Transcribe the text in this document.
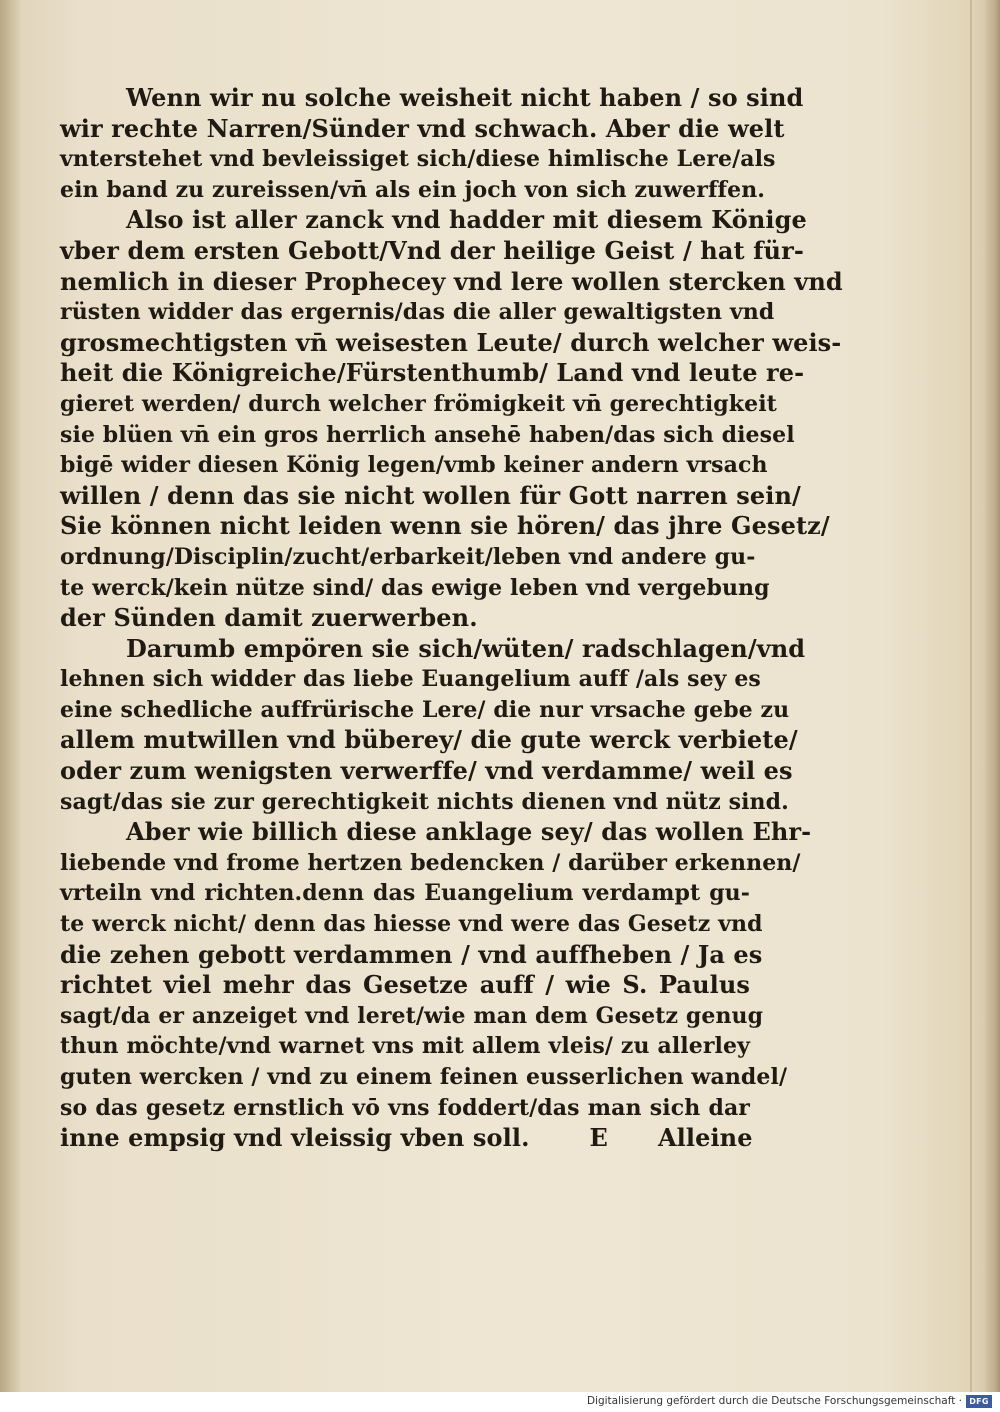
Wenn wir nu solche weisheit nicht haben / so sind
wir rechte Narren/Sünder vnd schwach. Aber die welt
vnterstehet vnd bevleissiget sich/diese himlische Lere/als
ein band zu zureissen/vn̄ als ein joch von sich zuwerffen.
Also ist aller zanck vnd hadder mit diesem Könige
vber dem ersten Gebott/Vnd der heilige Geist / hat für-
nemlich in dieser Prophecey vnd lere wollen stercken vnd
rüsten widder das ergernis/das die aller gewaltigsten vnd
grosmechtigsten vn̄ weisesten Leute/ durch welcher weis-
heit die Königreiche/Fürstenthumb/ Land vnd leute re-
gieret werden/ durch welcher frömigkeit vn̄ gerechtigkeit
sie blüen vn̄ ein gros herrlich ansehē haben/das sich diesel
bigē wider diesen König legen/vmb keiner andern vrsach
willen / denn das sie nicht wollen für Gott narren sein/
Sie können nicht leiden wenn sie hören/ das jhre Gesetz/
ordnung/Disciplin/zucht/erbarkeit/leben vnd andere gu-
te werck/kein nütze sind/ das ewige leben vnd vergebung
der Sünden damit zuerwerben.
Darumb empören sie sich/wüten/ radschlagen/vnd
lehnen sich widder das liebe Euangelium auff /als sey es
eine schedliche auffrürische Lere/ die nur vrsache gebe zu
allem mutwillen vnd büberey/ die gute werck verbiete/
oder zum wenigsten verwerffe/ vnd verdamme/ weil es
sagt/das sie zur gerechtigkeit nichts dienen vnd nütz sind.
Aber wie billich diese anklage sey/ das wollen Ehr-
liebende vnd frome hertzen bedencken / darüber erkennen/
vrteiln vnd richten.denn das Euangelium verdampt gu-
te werck nicht/ denn das hiesse vnd were das Gesetz vnd
die zehen gebott verdammen / vnd auffheben / Ja es
richtet viel mehr das Gesetze auff / wie S. Paulus
sagt/da er anzeiget vnd leret/wie man dem Gesetz genug
thun möchte/vnd warnet vns mit allem vleis/ zu allerley
guten wercken / vnd zu einem feinen eusserlichen wandel/
so das gesetz ernstlich vō vns foddert/das man sich dar
inne empsig vnd vleissig vben soll.	E Alleine
Digitalisierung gefördert durch die Deutsche Forschungsgemeinschaft · DFG
